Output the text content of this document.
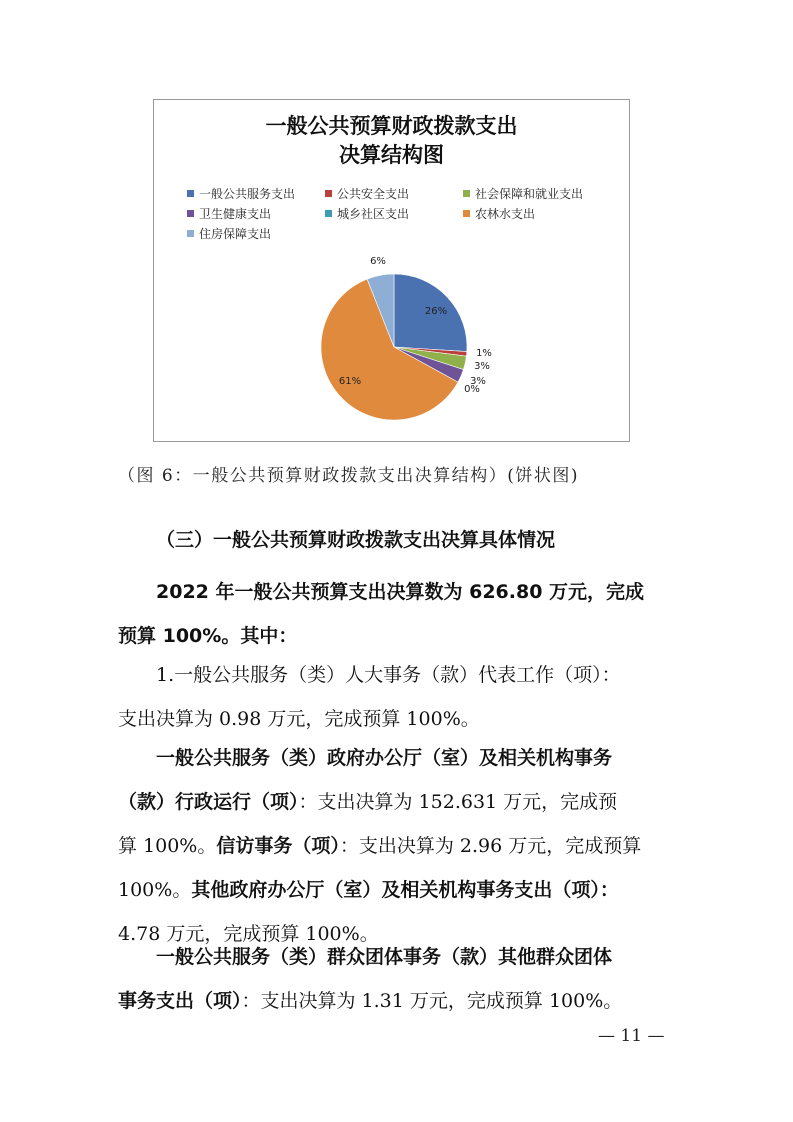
一般公共预算财政拨款支出
决算结构图
一般公共服务支出	公共安全支出	社会保障和就业支出
卫生健康支出	城乡社区支出	农林水支出
住房保障支出
26%
1%
3%
3%
0%
61%
6%
（图 6：一般公共预算财政拨款支出决算结构）(饼状图)
（三）一般公共预算财政拨款支出决算具体情况
2022 年一般公共预算支出决算数为 626.80 万元，完成
预算 100%。其中：
1.一般公共服务（类）人大事务（款）代表工作（项）：
支出决算为 0.98 万元，完成预算 100%。
一般公共服务（类）政府办公厅（室）及相关机构事务
（款）行政运行（项）：支出决算为 152.631 万元，完成预
算 100%。信访事务（项）：支出决算为 2.96 万元，完成预算
100%。其他政府办公厅（室）及相关机构事务支出（项）：
4.78 万元，完成预算 100%。
一般公共服务（类）群众团体事务（款）其他群众团体
事务支出（项）：支出决算为 1.31 万元，完成预算 100%。
— 11 —
